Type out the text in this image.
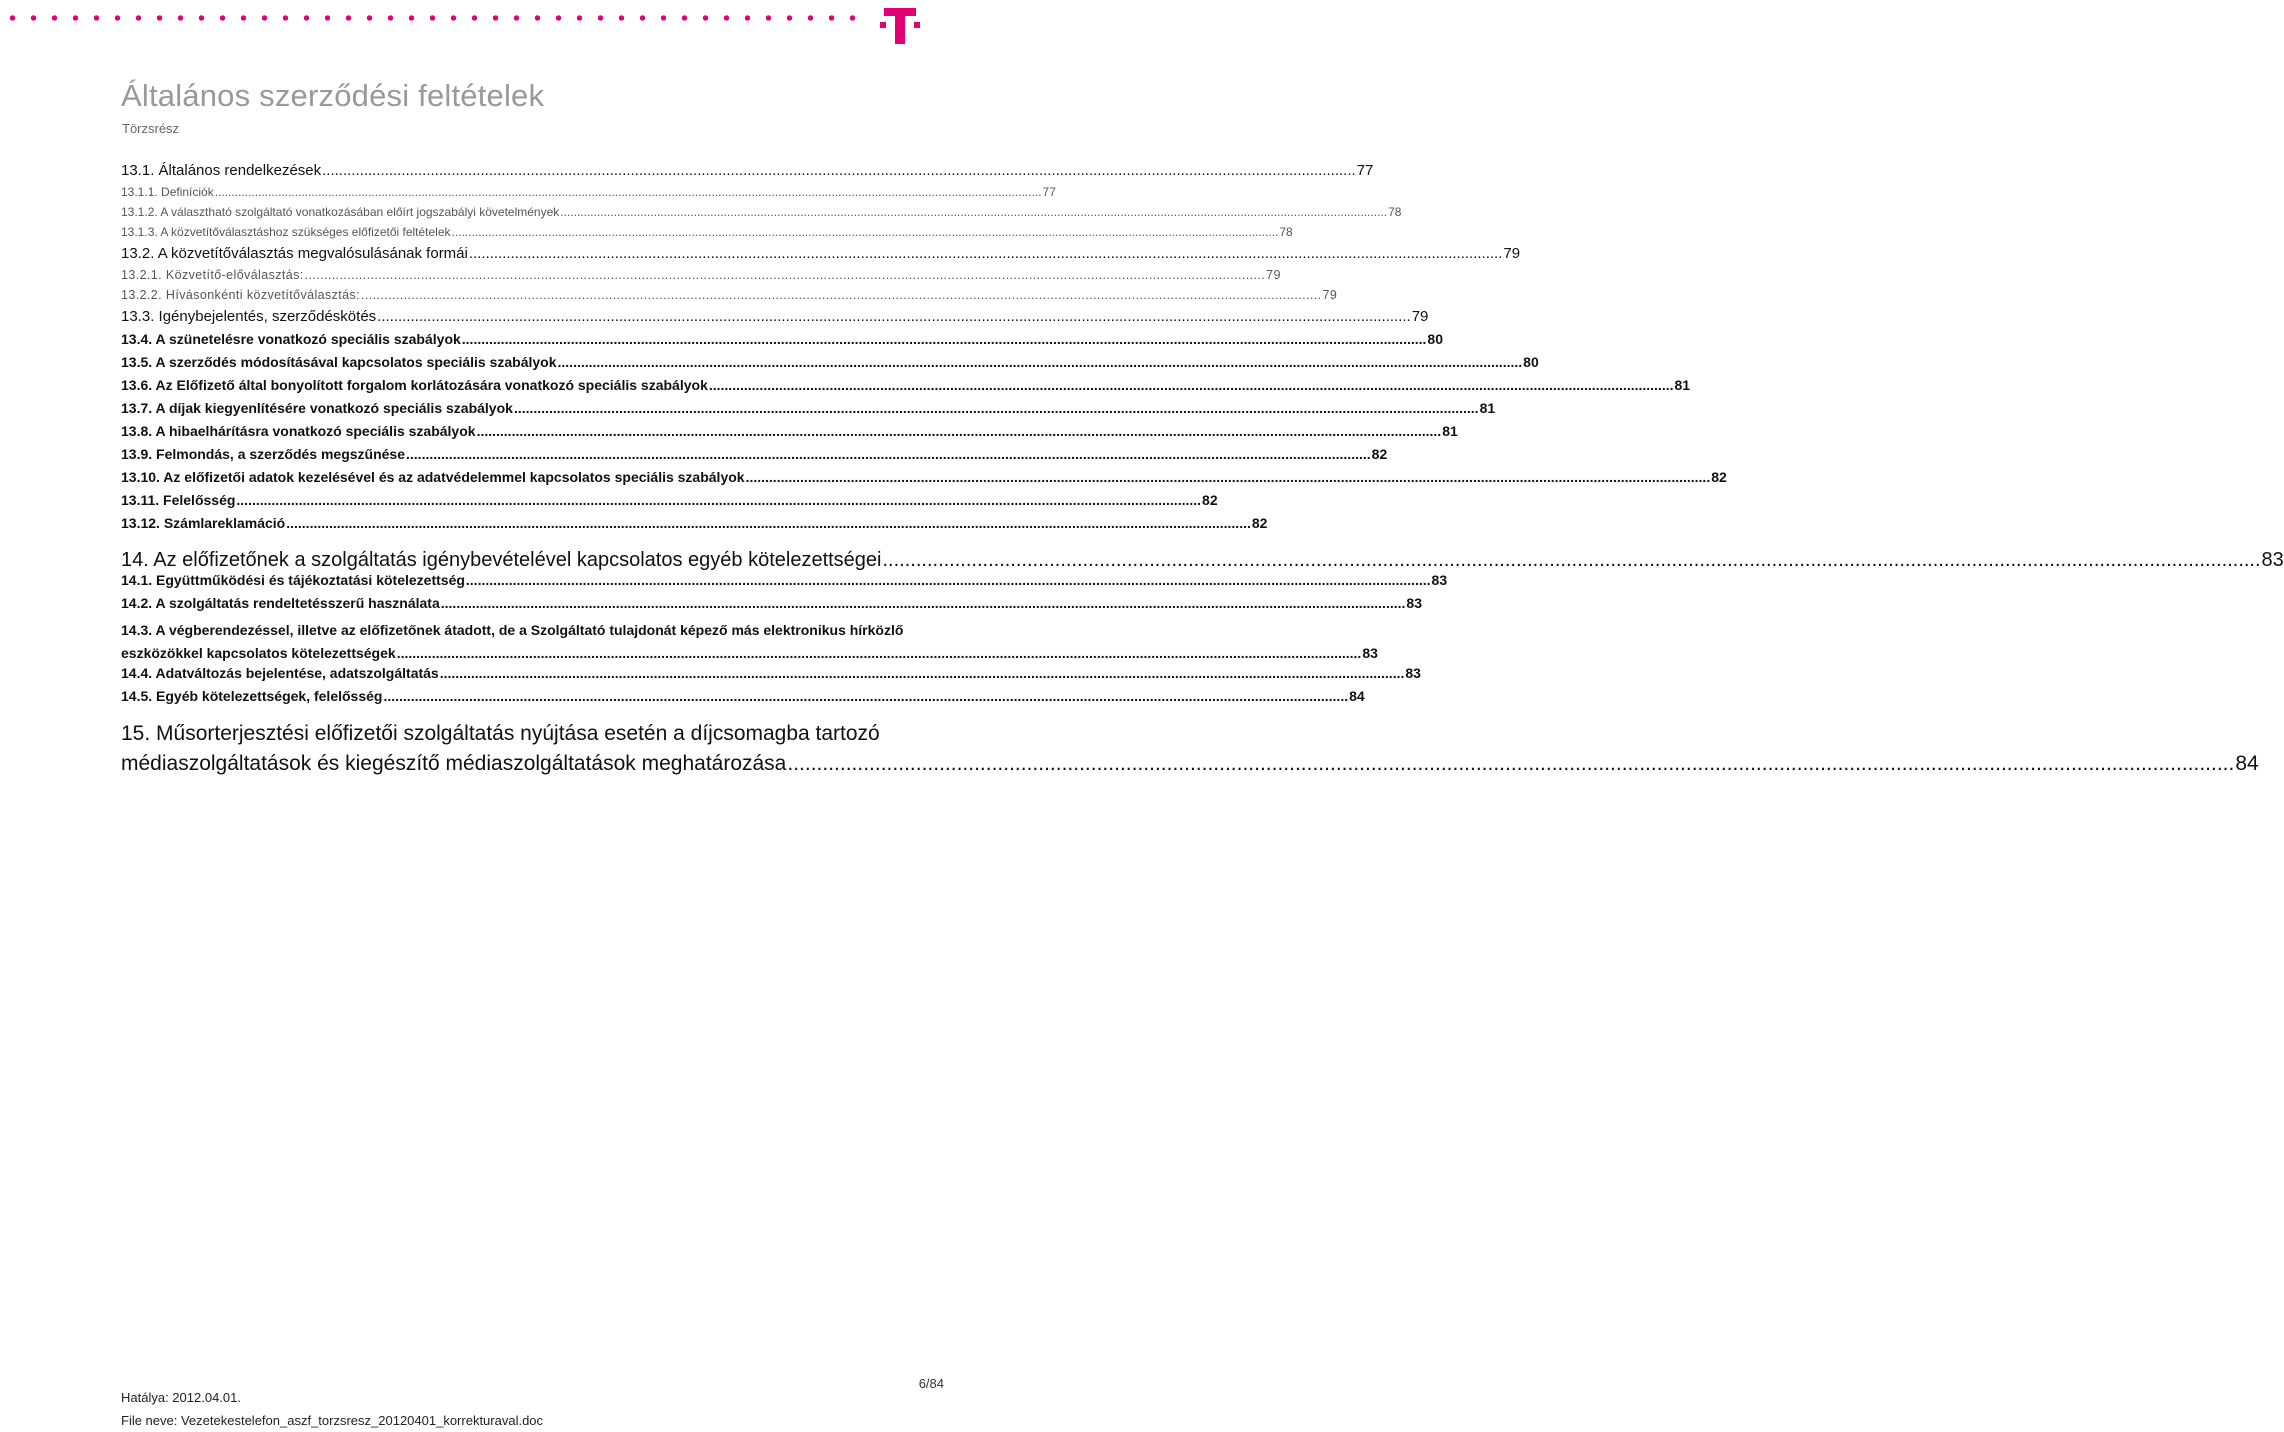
Általános szerződési feltételek
Törzsrész
13.1. Általános rendelkezések .....	77
13.1.1. Definíciók .....	77
13.1.2. A választható szolgáltató vonatkozásában előírt jogszabályi követelmények .....	78
13.1.3. A közvetítőválasztáshoz szükséges előfizetői feltételek .....	78
13.2. A közvetítőválasztás megvalósulásának formái .....	79
13.2.1. Közvetítő-előválasztás: .....	79
13.2.2. Hívásonkénti közvetítőválasztás: .....	79
13.3. Igénybejelentés, szerződéskötés .....	79
13.4. A szünetelésre vonatkozó speciális szabályok .....	80
13.5. A szerződés módosításával kapcsolatos speciális szabályok .....	80
13.6. Az Előfizető által bonyolított forgalom korlátozására vonatkozó speciális szabályok .....	81
13.7. A díjak kiegyenlítésére vonatkozó speciális szabályok .....	81
13.8. A hibaelhárításra vonatkozó speciális szabályok .....	81
13.9. Felmondás, a szerződés megszűnése .....	82
13.10. Az előfizetői adatok kezelésével és az adatvédelemmel kapcsolatos speciális szabályok .....	82
13.11. Felelősség .....	82
13.12. Számlareklamáció .....	82
14. Az előfizetőnek a szolgáltatás igénybevételével kapcsolatos egyéb kötelezettségei .....	83
14.1. Együttműködési és tájékoztatási kötelezettség .....	83
14.2. A szolgáltatás rendeltetésszerű használata .....	83
14.3. A végberendezéssel, illetve az előfizetőnek átadott, de a Szolgáltató tulajdonát képező más elektronikus hírközlő
eszközökkel kapcsolatos kötelezettségek .....	83
14.4. Adatváltozás bejelentése, adatszolgáltatás .....	83
14.5. Egyéb kötelezettségek, felelősség .....	84
15. Műsorterjesztési előfizetői szolgáltatás nyújtása esetén a díjcsomagba tartozó
médiaszolgáltatások és kiegészítő médiaszolgáltatások meghatározása .....	84
6/84
Hatálya: 2012.04.01.
File neve: Vezetekestelefon_aszf_torzsresz_20120401_korrekturaval.doc
